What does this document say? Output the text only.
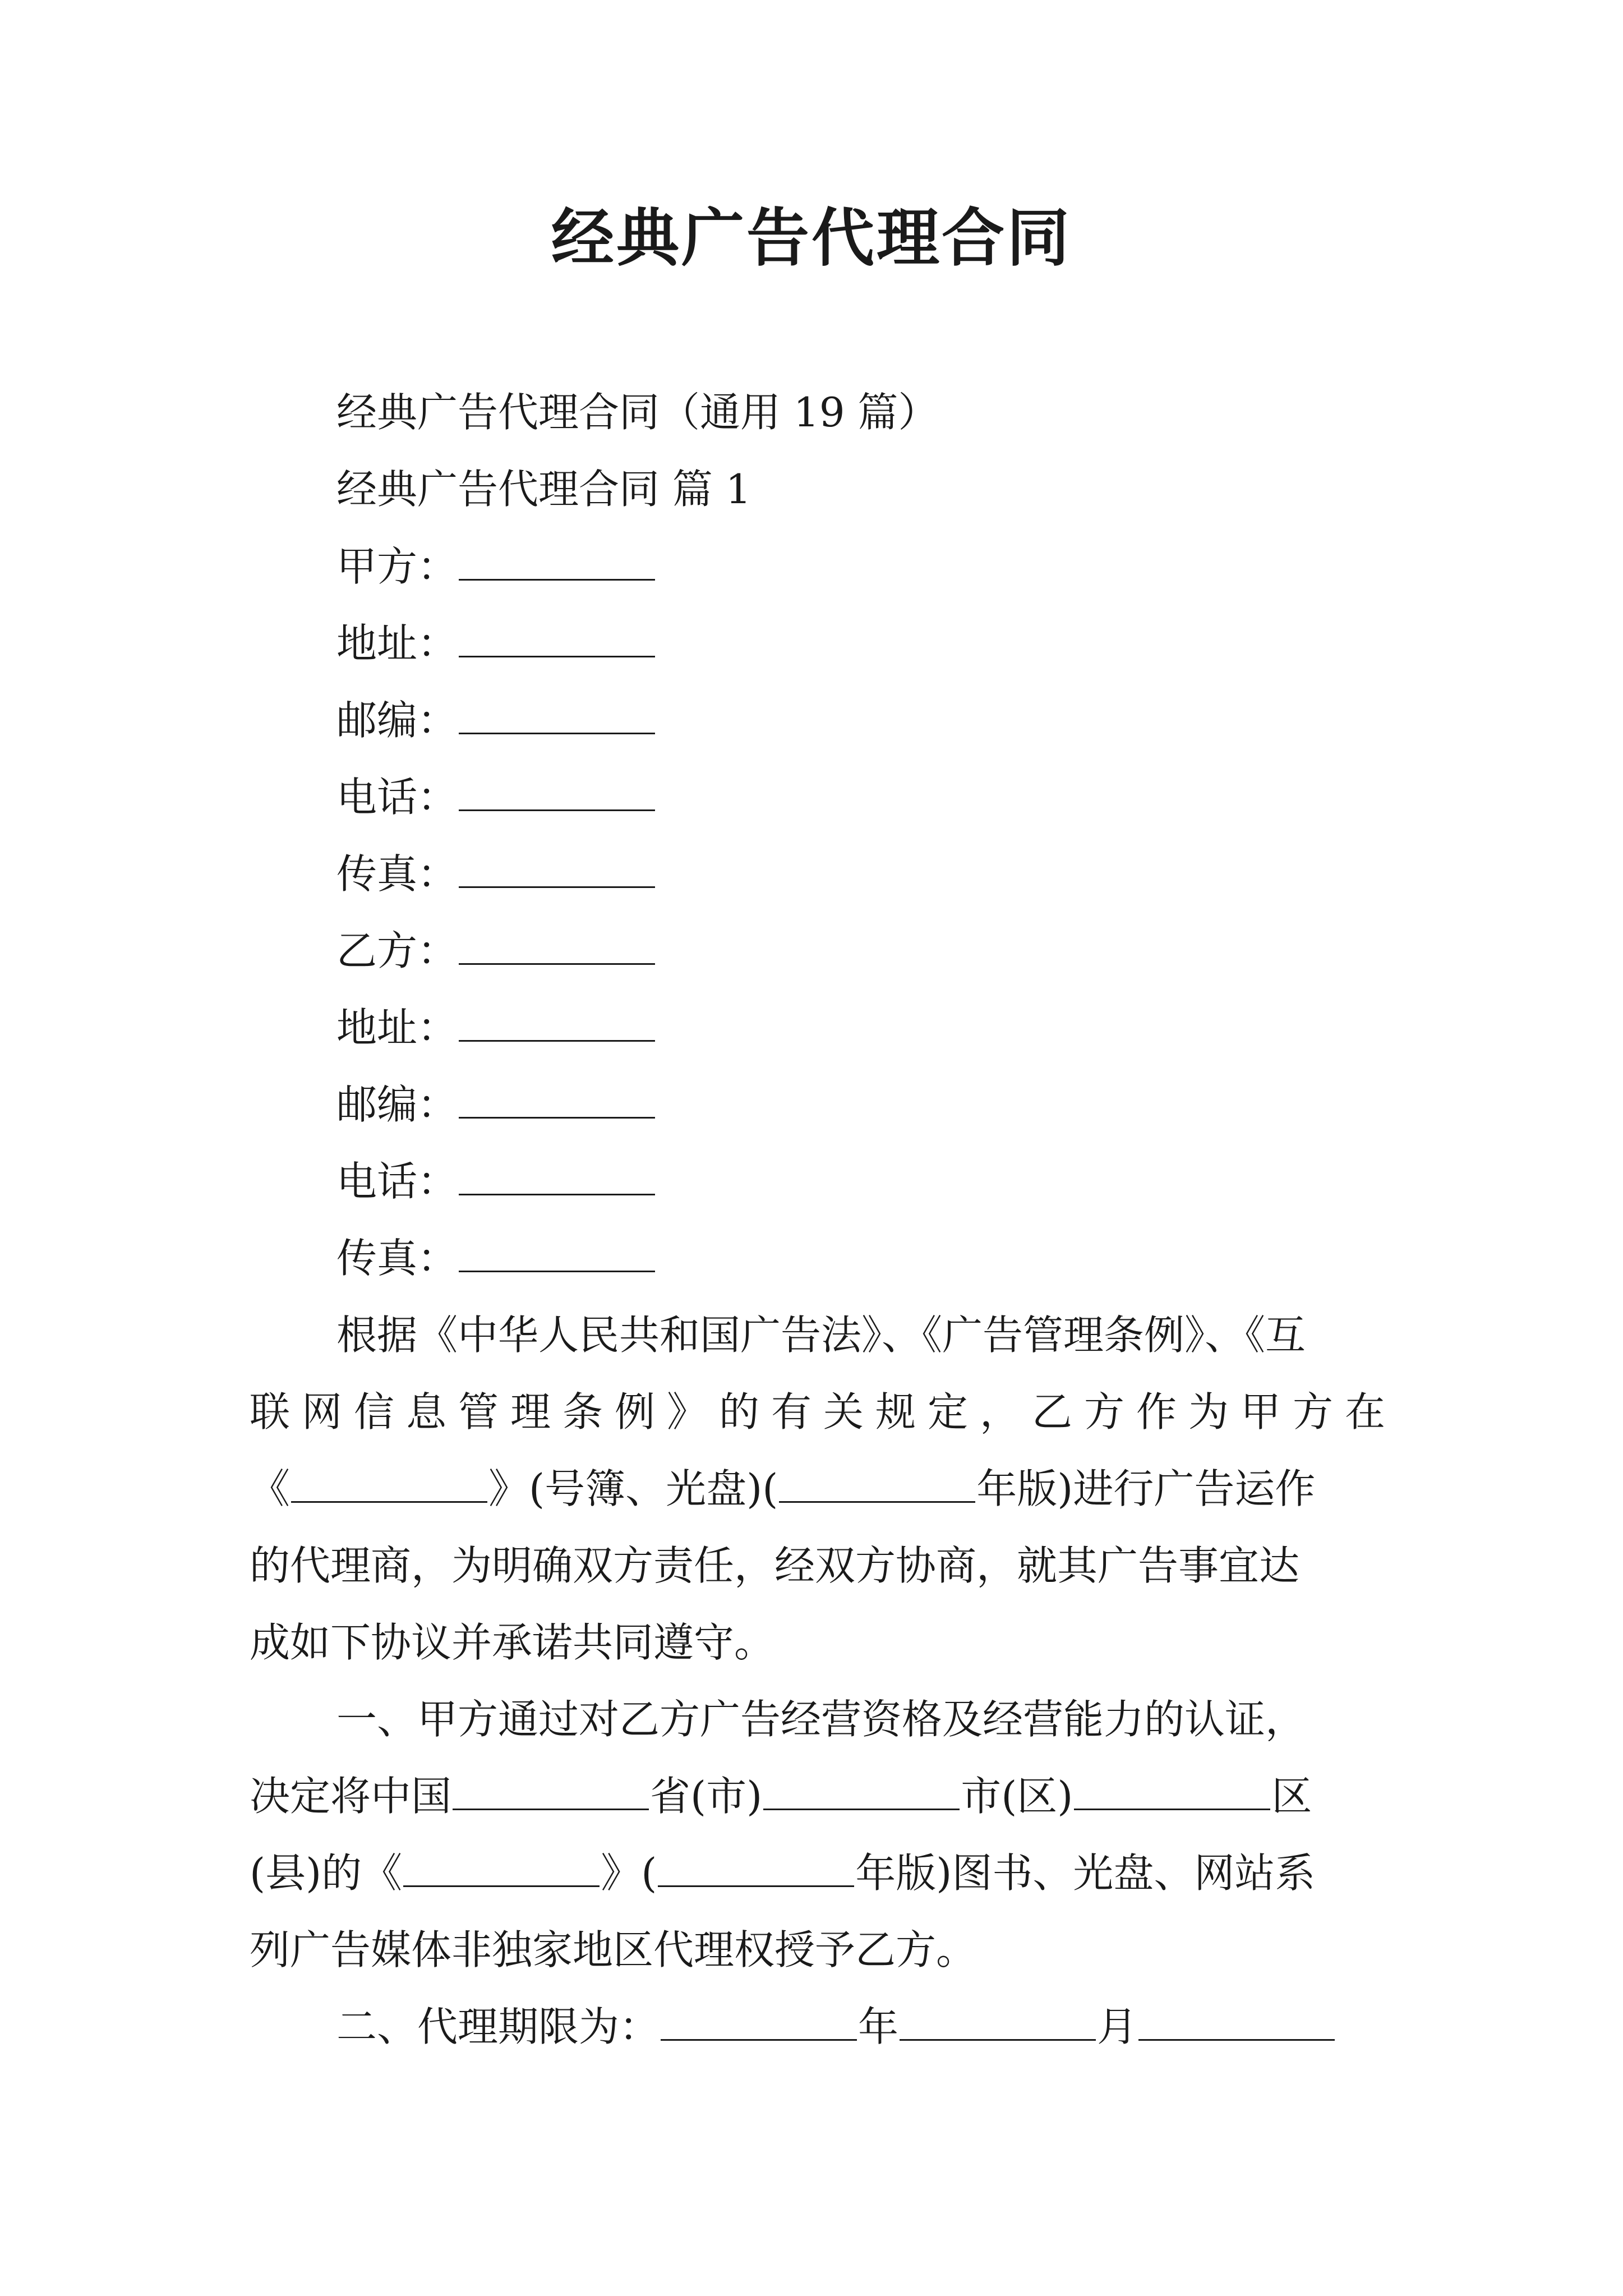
经典广告代理合同
经典广告代理合同（通用 19 篇）
经典广告代理合同 篇 1
甲方：
地址：
邮编：
电话：
传真：
乙方：
地址：
邮编：
电话：
传真：
根据《中华人民共和国广告法》、《广告管理条例》、《互
联网信息管理条例》的有关规定，乙方作为甲方在
《	》(号簿、光盘)(	年版)进行广告运作
的代理商，为明确双方责任，经双方协商，就其广告事宜达
成如下协议并承诺共同遵守。
一、甲方通过对乙方广告经营资格及经营能力的认证，
决定将中国	省(市)	市(区)	区
(县)的《	》(	年版)图书、光盘、网站系
列广告媒体非独家地区代理权授予乙方。
二、代理期限为：	年	月
